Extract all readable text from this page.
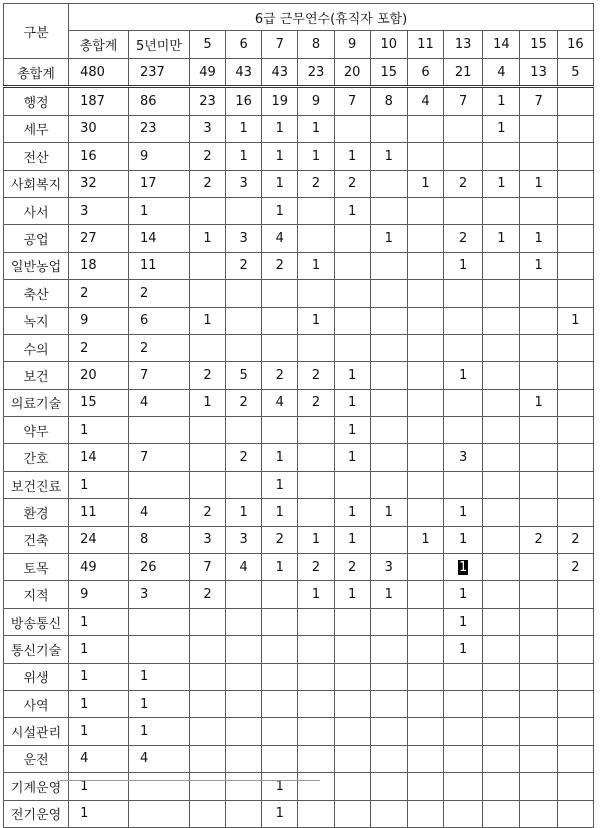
구분	6급 근무연수(휴직자 포함)												
	총합계	5년미만	5	6	7	8	9	10	11	13	14	15	16
총합계	480	237	49	43	43	23	20	15	6	21	4	13	5
행정	187	86	23	16	19	9	7	8	4	7	1	7	
세무	30	23	3	1	1	1					1		
전산	16	9	2	1	1	1	1	1					
사회복지	32	17	2	3	1	2	2		1	2	1	1	
사서	3	1			1		1						
공업	27	14	1	3	4			1		2	1	1	
일반농업	18	11		2	2	1				1		1	
축산	2	2											
녹지	9	6	1			1							1
수의	2	2											
보건	20	7	2	5	2	2	1			1			
의료기술	15	4	1	2	4	2	1					1	
약무	1						1						
간호	14	7		2	1		1			3			
보건진료	1				1								
환경	11	4	2	1	1		1	1		1			
건축	24	8	3	3	2	1	1		1	1		2	2
토목	49	26	7	4	1	2	2	3		1			2
지적	9	3	2			1	1	1		1			
방송통신	1									1			
통신기술	1									1			
위생	1	1											
사역	1	1											
시설관리	1	1											
운전	4	4											
기계운영	1				1								
전기운영	1				1								
